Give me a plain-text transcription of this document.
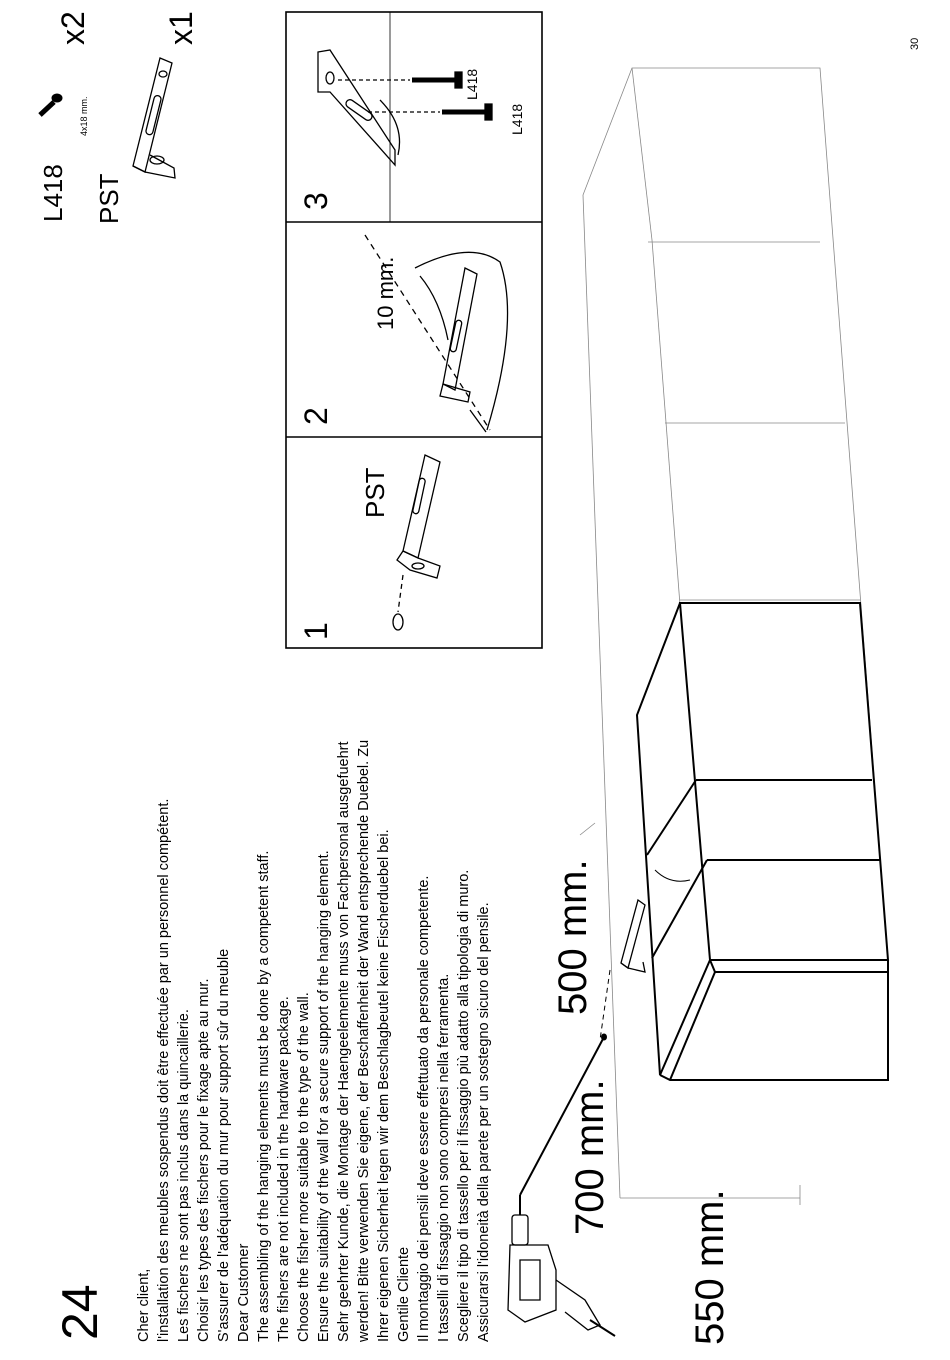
24
30
Cher client, l'installation des meubles sospendus doit être effectuée par un personnel compétent. Les fischers ne sont pas inclus dans la quincaillerie. Choisir les types des fischers pour le fixage apte au mur. S'assurer de l'adéquation du mur pour support sûr du meuble Dear Customer The assembling of the hanging elements must be done by a competent staff. The fishers are not included in the hardware package. Choose the fisher more suitable to the type of the wall. Ensure the suitability of the wall for a secure support of the hanging element. Sehr geehrter Kunde, die Montage der Haengeelemente muss von Fachpersonal ausgefuehrt werden! Bitte verwenden Sie eigene, der Beschaffenheit der Wand entsprechende Duebel. Zu Ihrer eigenen Sicherheit legen wir dem Beschlagbeutel keine Fischerduebel bei. Gentile Cliente Il montaggio dei pensili deve essere effettuato da personale competente. I tasselli di fissaggio non sono compresi nella ferramenta. Scegliere il tipo di tassello per il fissaggio più adatto alla tipologia di muro. Assicurarsi l'idoneità della parete per un sostegno sicuro del pensile.	550 mm.
700 mm.
500 mm.
1
PST
2
10 mm.
3
L418
L418
L418
4x18 mm.
x2
PST
x1
